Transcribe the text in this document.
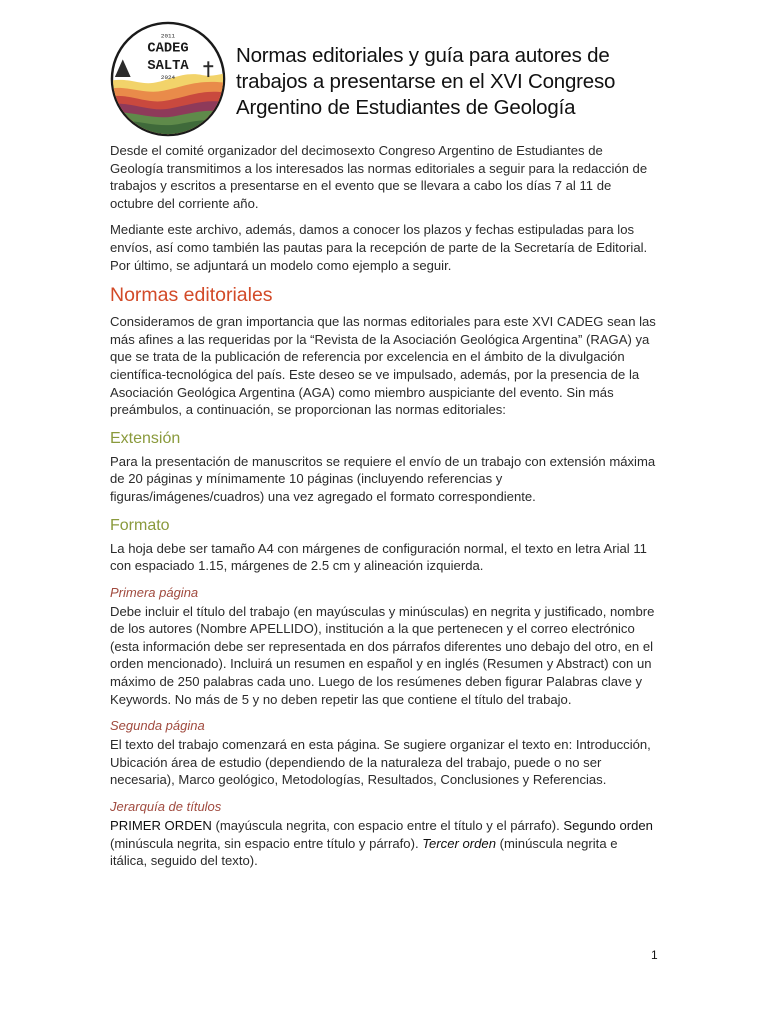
2011
CADEG
SALTA
2024
Normas editoriales y guía para autores de trabajos a presentarse en el XVI Congreso Argentino de Estudiantes de Geología

Desde el comité organizador del decimosexto Congreso Argentino de Estudiantes de Geología transmitimos a los interesados las normas editoriales a seguir para la redacción de trabajos y escritos a presentarse en el evento que se llevara a cabo los días 7 al 11 de octubre del corriente año.

Mediante este archivo, además, damos a conocer los plazos y fechas estipuladas para los envíos, así como también las pautas para la recepción de parte de la Secretaría de Editorial. Por último, se adjuntará un modelo como ejemplo a seguir.

Normas editoriales

Consideramos de gran importancia que las normas editoriales para este XVI CADEG sean las más afines a las requeridas por la “Revista de la Asociación Geológica Argentina” (RAGA) ya que se trata de la publicación de referencia por excelencia en el ámbito de la divulgación científica-tecnológica del país. Este deseo se ve impulsado, además, por la presencia de la Asociación Geológica Argentina (AGA) como miembro auspiciante del evento. Sin más preámbulos, a continuación, se proporcionan las normas editoriales:

Extensión

Para la presentación de manuscritos se requiere el envío de un trabajo con extensión máxima de 20 páginas y mínimamente 10 páginas (incluyendo referencias y figuras/imágenes/cuadros) una vez agregado el formato correspondiente.

Formato

La hoja debe ser tamaño A4 con márgenes de configuración normal, el texto en letra Arial 11 con espaciado 1.15, márgenes de 2.5 cm y alineación izquierda.

Primera página

Debe incluir el título del trabajo (en mayúsculas y minúsculas) en negrita y justificado, nombre de los autores (Nombre APELLIDO), institución a la que pertenecen y el correo electrónico (esta información debe ser representada en dos párrafos diferentes uno debajo del otro, en el orden mencionado). Incluirá un resumen en español y en inglés (Resumen y Abstract) con un máximo de 250 palabras cada uno. Luego de los resúmenes deben figurar Palabras clave y Keywords. No más de 5 y no deben repetir las que contiene el título del trabajo.

Segunda página

El texto del trabajo comenzará en esta página. Se sugiere organizar el texto en: Introducción, Ubicación área de estudio (dependiendo de la naturaleza del trabajo, puede o no ser necesaria), Marco geológico, Metodologías, Resultados, Conclusiones y Referencias.

Jerarquía de títulos

PRIMER ORDEN (mayúscula negrita, con espacio entre el título y el párrafo). Segundo orden (minúscula negrita, sin espacio entre título y párrafo). Tercer orden (minúscula negrita e itálica, seguido del texto).

1
